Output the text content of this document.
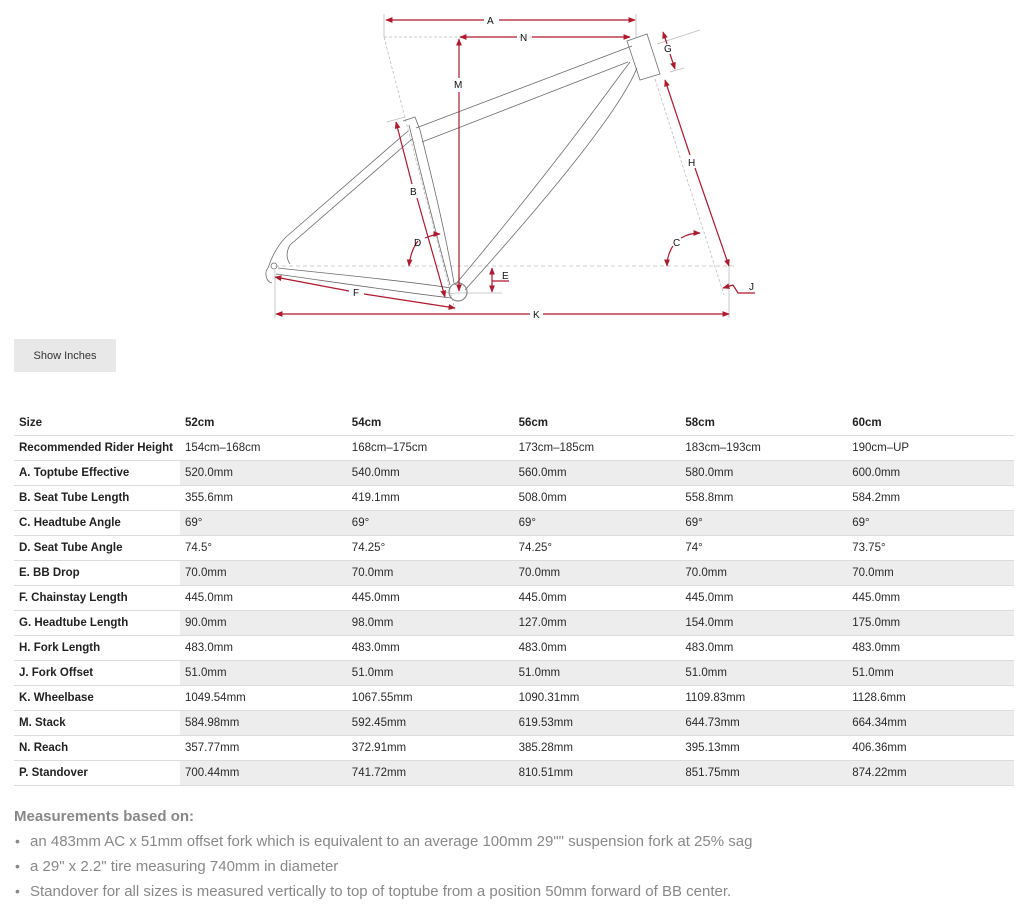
A
N
M
G
H
B
D	C
E
J
F
K
Show Inches
Size	52cm	54cm	56cm	58cm	60cm
Recommended Rider Height	154cm–168cm	168cm–175cm	173cm–185cm	183cm–193cm	190cm–UP
A. Toptube Effective	520.0mm	540.0mm	560.0mm	580.0mm	600.0mm
B. Seat Tube Length	355.6mm	419.1mm	508.0mm	558.8mm	584.2mm
C. Headtube Angle	69°	69°	69°	69°	69°
D. Seat Tube Angle	74.5°	74.25°	74.25°	74°	73.75°
E. BB Drop	70.0mm	70.0mm	70.0mm	70.0mm	70.0mm
F. Chainstay Length	445.0mm	445.0mm	445.0mm	445.0mm	445.0mm
G. Headtube Length	90.0mm	98.0mm	127.0mm	154.0mm	175.0mm
H. Fork Length	483.0mm	483.0mm	483.0mm	483.0mm	483.0mm
J. Fork Offset	51.0mm	51.0mm	51.0mm	51.0mm	51.0mm
K. Wheelbase	1049.54mm	1067.55mm	1090.31mm	1109.83mm	1128.6mm
M. Stack	584.98mm	592.45mm	619.53mm	644.73mm	664.34mm
N. Reach	357.77mm	372.91mm	385.28mm	395.13mm	406.36mm
P. Standover	700.44mm	741.72mm	810.51mm	851.75mm	874.22mm
Measurements based on:
• an 483mm AC x 51mm offset fork which is equivalent to an average 100mm 29"" suspension fork at 25% sag
• a 29" x 2.2" tire measuring 740mm in diameter
• Standover for all sizes is measured vertically to top of toptube from a position 50mm forward of BB center.
